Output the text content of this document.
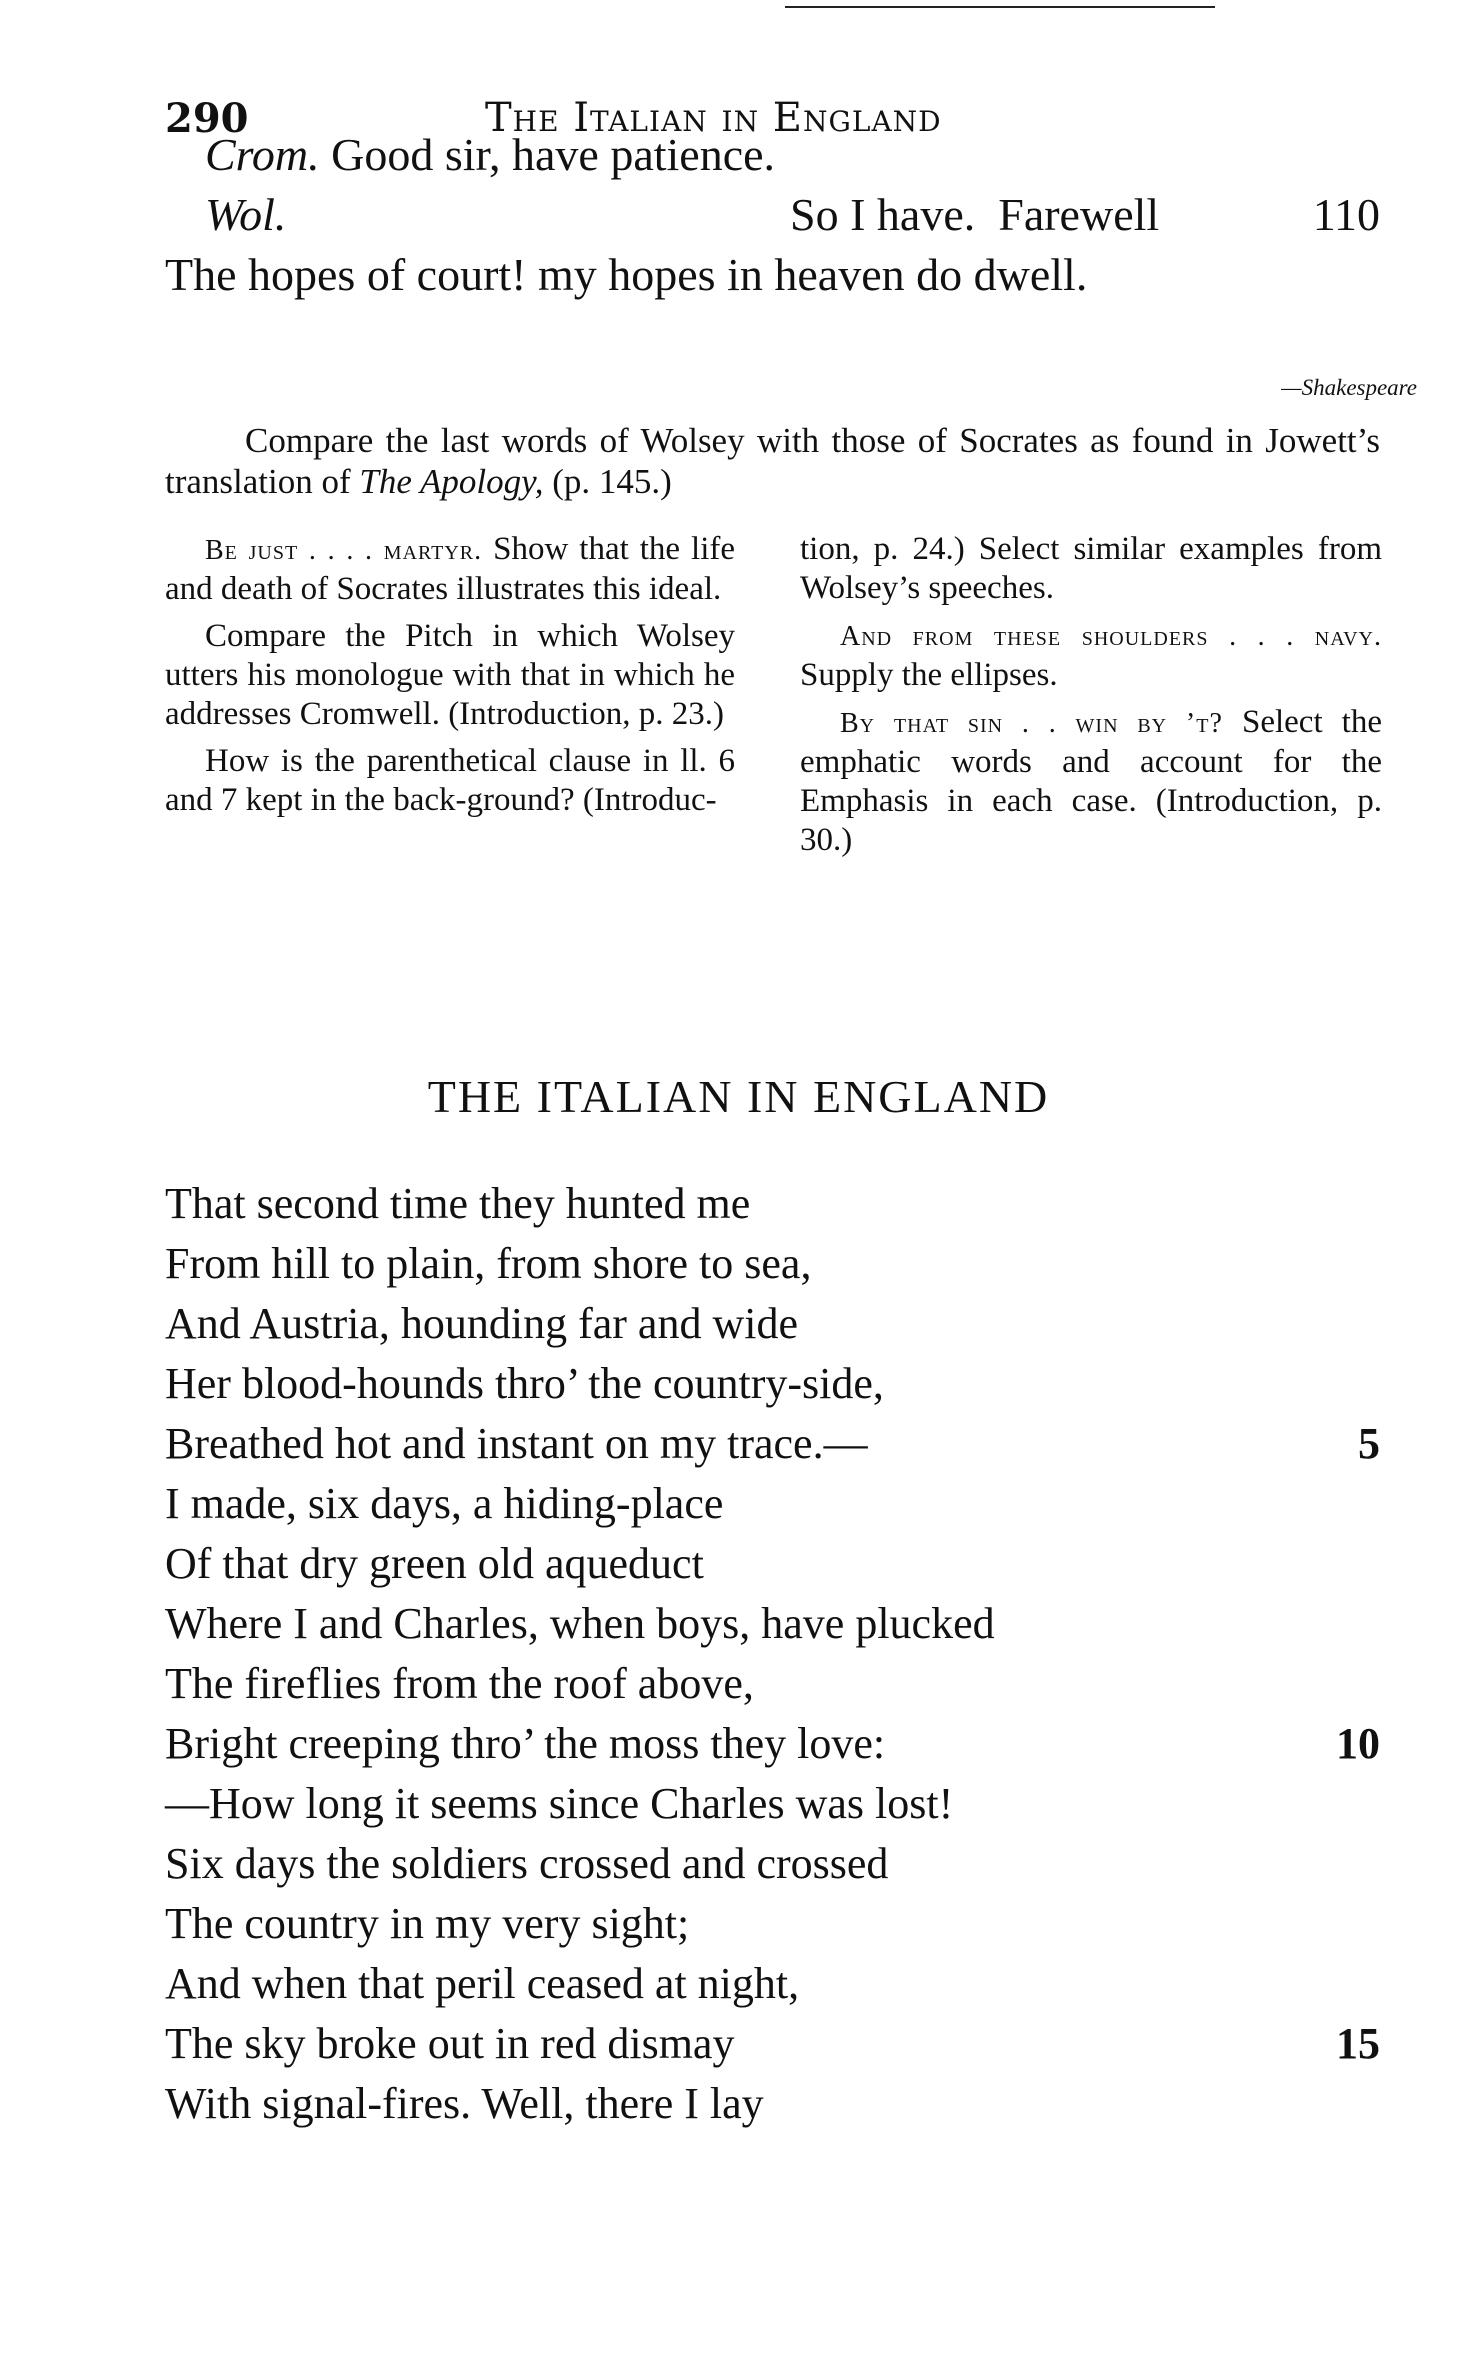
290	The Italian in England
Crom. Good sir, have patience.
Wol.	So I have.  Farewell	110
The hopes of court! my hopes in heaven do dwell.
—Shakespeare
Compare the last words of Wolsey with those of Socrates as found in Jowett’s translation of The Apology, (p. 145.)

Be just . . . . martyr. Show that the life and death of Socrates illustrates this ideal.

Compare the Pitch in which Wolsey utters his monologue with that in which he addresses Cromwell. (Introduction, p. 23.)

How is the parenthetical clause in ll. 6 and 7 kept in the back-ground? (Introduc-

tion, p. 24.) Select similar examples from Wolsey’s speeches.

And from these shoulders . . . navy. Supply the ellipses.

By that sin . . win by ’t? Select the emphatic words and account for the Emphasis in each case. (Introduction, p. 30.)

THE ITALIAN IN ENGLAND
That second time they hunted me
From hill to plain, from shore to sea,
And Austria, hounding far and wide
Her blood-hounds thro’ the country-side,
Breathed hot and instant on my trace.—	5
I made, six days, a hiding-place
Of that dry green old aqueduct
Where I and Charles, when boys, have plucked
The fireflies from the roof above,
Bright creeping thro’ the moss they love:	10
—How long it seems since Charles was lost!
Six days the soldiers crossed and crossed
The country in my very sight;
And when that peril ceased at night,
The sky broke out in red dismay	15
With signal-fires. Well, there I lay
